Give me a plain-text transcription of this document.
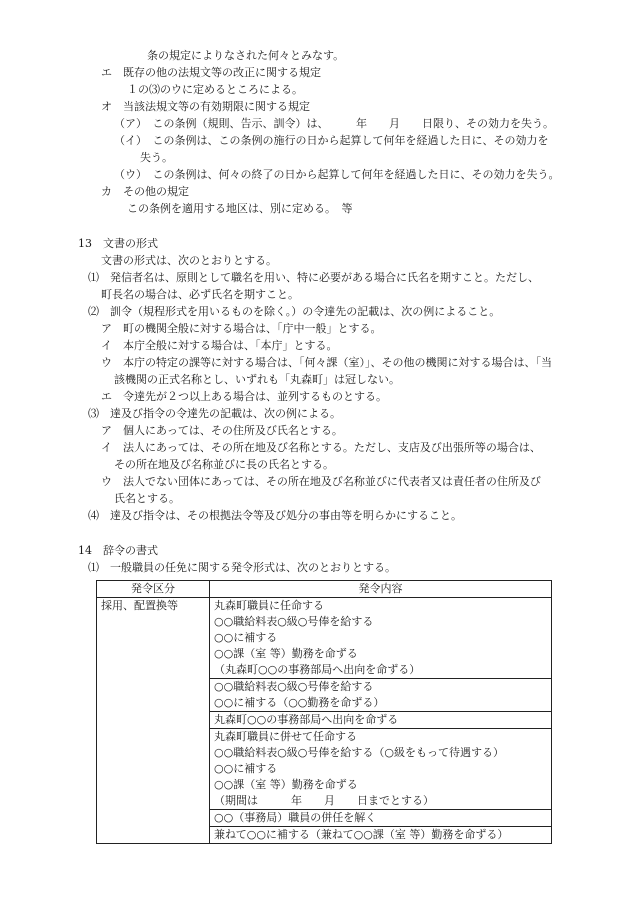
条の規定によりなされた何々とみなす。
エ　既存の他の法規文等の改正に関する規定
１の⑶のウに定めるところによる。
オ　当該法規文等の有効期限に関する規定
（ア）　この条例（規則、告示、訓令）は、　　　年　　月　　日限り、その効力を失う。
（イ）　この条例は、この条例の施行の日から起算して何年を経過した日に、その効力を
失う。
（ウ）　この条例は、何々の終了の日から起算して何年を経過した日に、その効力を失う。
カ　その他の規定
この条例を適用する地区は、別に定める。　等
13　文書の形式
文書の形式は、次のとおりとする。
⑴　発信者名は、原則として職名を用い、特に必要がある場合に氏名を期すこと。ただし、
町長名の場合は、必ず氏名を期すこと。
⑵　訓令（規程形式を用いるものを除く。）の令達先の記載は、次の例によること。
ア　町の機関全般に対する場合は、「庁中一般」とする。
イ　本庁全般に対する場合は、「本庁」とする。
ウ　本庁の特定の課等に対する場合は、「何々課（室）」、その他の機関に対する場合は、「当
該機関の正式名称とし、いずれも「丸森町」は冠しない。
エ　令達先が２つ以上ある場合は、並列するものとする。
⑶　達及び指令の令達先の記載は、次の例による。
ア　個人にあっては、その住所及び氏名とする。
イ　法人にあっては、その所在地及び名称とする。ただし、支店及び出張所等の場合は、
その所在地及び名称並びに長の氏名とする。
ウ　法人でない団体にあっては、その所在地及び名称並びに代表者又は責任者の住所及び
氏名とする。
⑷　達及び指令は、その根拠法令等及び処分の事由等を明らかにすること。
14　辞令の書式
⑴　一般職員の任免に関する発令形式は、次のとおりとする。
発令区分	発令内容
採用、配置換等	丸森町職員に任命する
○○職給料表○級○号俸を給する
○○に補する
○○課（室 等）勤務を命ずる
（丸森町○○の事務部局へ出向を命ずる）

	○○職給料表○級○号俸を給する
○○に補する（○○勤務を命ずる）

	丸森町○○の事務部局へ出向を命ずる

	丸森町職員に併せて任命する
○○職給料表○級○号俸を給する（○級をもって待遇する）
○○に補する
○○課（室 等）勤務を命ずる
（期間は　　　年　　月　　日までとする）

	○○（事務局）職員の併任を解く

	兼ねて○○に補する（兼ねて○○課（室 等）勤務を命ずる）
